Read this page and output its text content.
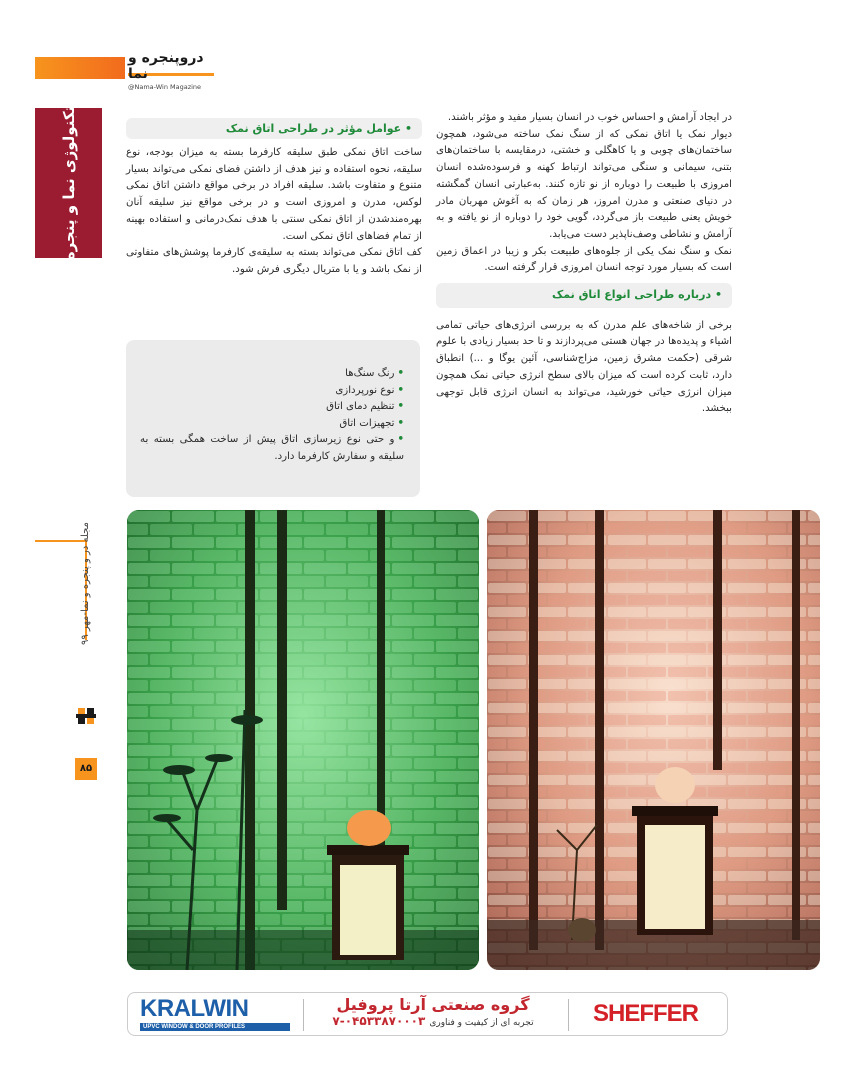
دروپنجره و نما
@Nama-Win Magazine
تکنولوژی نما و پنجره
مجله در و پنجره و نما-مهر ۹۹
۸۵

در ایجاد آرامش و احساس خوب در انسان بسیار مفید و مؤثر باشند.

دیوار نمک یا اتاق نمکی که از سنگ نمک ساخته می‌شود، همچون ساختمان‌های چوبی و یا کاهگلی و خشتی، درمقایسه با ساختمان‌های بتنی، سیمانی و سنگی می‌تواند ارتباط کهنه و فرسوده‌شده انسان امروزی با طبیعت را دوباره از نو تازه کنند. به‌عبارتی انسان گمگشته در دنیای صنعتی و مدرن امروز، هر زمان که به آغوش مهربان مادر خویش یعنی طبیعت باز می‌گردد، گویی خود را دوباره از نو یافته و به آرامش و نشاطی وصف‌ناپذیر دست می‌یابد.

نمک و سنگ نمک یکی از جلوه‌های طبیعت بکر و زیبا در اعماق زمین است که بسیار مورد توجه انسان امروزی قرار گرفته است.

• درباره طراحی انواع اتاق نمک

برخی از شاخه‌های علم مدرن که به بررسی انرژی‌های حیاتی تمامی اشیاء و پدیده‌ها در جهان هستی می‌پردازند و تا حد بسیار زیادی با علوم شرقی (حکمت مشرق زمین، مزاج‌شناسی، آئین یوگا و ...) انطباق دارد، ثابت کرده است که میزان بالای سطح انرژی حیاتی نمک همچون میزان انرژی حیاتی خورشید، می‌تواند به انسان انرژی قابل توجهی ببخشد.

• عوامل مؤثر در طراحی اتاق نمک

ساخت اتاق نمکی طبق سلیقه کارفرما بسته به میزان بودجه، نوع سلیقه، نحوه استفاده و نیز هدف از داشتن فضای نمکی می‌تواند بسیار متنوع و متفاوت باشد. سلیقه افراد در برخی مواقع داشتن اتاق نمکی لوکس، مدرن و امروزی است و در برخی مواقع نیز سلیقه آنان بهره‌مندشدن از اتاق نمکی سنتی با هدف نمک‌درمانی و استفاده بهینه از تمام فضاهای اتاق نمکی است.

کف اتاق نمکی می‌تواند بسته به سلیقه‌ی کارفرما پوشش‌های متفاوتی از نمک باشد و یا با متریال دیگری فرش شود.

•رنگ سنگ‌ها
•نوع نورپردازی
•تنظیم دمای اتاق
•تجهیزات اتاق
•و حتی نوع زیرسازی اتاق پیش از ساخت همگی بسته به سلیقه و سفارش کارفرما دارد.
KRALWIN
UPVC WINDOW & DOOR PROFILES
گروه صنعتی آرتا پروفیل
تجربه ای از کیفیت و فناوری۰۴۵۳۳۸۷۰۰۰۳-۷	SHEFFER
